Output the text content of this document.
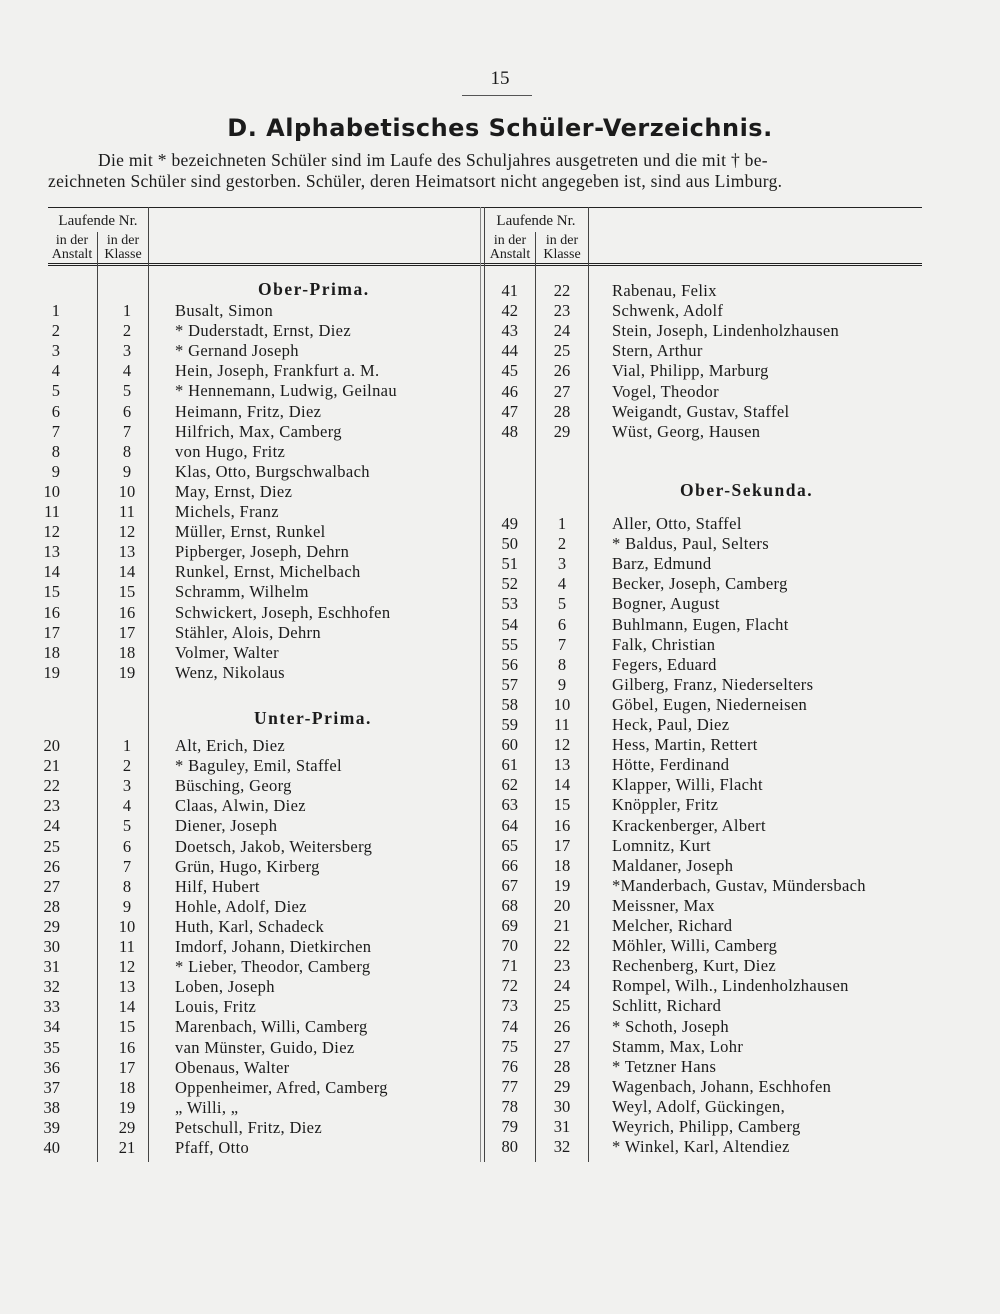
15
D. Alphabetisches Schüler-Verzeichnis.

Die mit * bezeichneten Schüler sind im Laufe des Schuljahres ausgetreten und die mit † be-

zeichneten Schüler sind gestorben. Schüler, deren Heimatsort nicht angegeben ist, sind aus Limburg.
Laufende Nr.
in der Anstalt
in der Klasse
Laufende Nr.
in der Anstalt
in der Klasse
Ober-Prima.
Unter-Prima.
Ober-Sekunda.
1	1	Busalt, Simon
2	2	* Duderstadt, Ernst, Diez
3	3	* Gernand Joseph
4	4	Hein, Joseph, Frankfurt a. M.
5	5	* Hennemann, Ludwig, Geilnau
6	6	Heimann, Fritz, Diez
7	7	Hilfrich, Max, Camberg
8	8	von Hugo, Fritz
9	9	Klas, Otto, Burgschwalbach
10	10	May, Ernst, Diez
11	11	Michels, Franz
12	12	Müller, Ernst, Runkel
13	13	Pipberger, Joseph, Dehrn
14	14	Runkel, Ernst, Michelbach
15	15	Schramm, Wilhelm
16	16	Schwickert, Joseph, Eschhofen
17	17	Stähler, Alois, Dehrn
18	18	Volmer, Walter
19	19	Wenz, Nikolaus
20	1	Alt, Erich, Diez
21	2	* Baguley, Emil, Staffel
22	3	Büsching, Georg
23	4	Claas, Alwin, Diez
24	5	Diener, Joseph
25	6	Doetsch, Jakob, Weitersberg
26	7	Grün, Hugo, Kirberg
27	8	Hilf, Hubert
28	9	Hohle, Adolf, Diez
29	10	Huth, Karl, Schadeck
30	11	Imdorf, Johann, Dietkirchen
31	12	* Lieber, Theodor, Camberg
32	13	Loben, Joseph
33	14	Louis, Fritz
34	15	Marenbach, Willi, Camberg
35	16	van Münster, Guido, Diez
36	17	Obenaus, Walter
37	18	Oppenheimer, Afred, Camberg
38	19	„ Willi, „
39	29	Petschull, Fritz, Diez
40	21	Pfaff, Otto
41	22	Rabenau, Felix
42	23	Schwenk, Adolf
43	24	Stein, Joseph, Lindenholzhausen
44	25	Stern, Arthur
45	26	Vial, Philipp, Marburg
46	27	Vogel, Theodor
47	28	Weigandt, Gustav, Staffel
48	29	Wüst, Georg, Hausen
49	1	Aller, Otto, Staffel
50	2	* Baldus, Paul, Selters
51	3	Barz, Edmund
52	4	Becker, Joseph, Camberg
53	5	Bogner, August
54	6	Buhlmann, Eugen, Flacht
55	7	Falk, Christian
56	8	Fegers, Eduard
57	9	Gilberg, Franz, Niederselters
58	10	Göbel, Eugen, Niederneisen
59	11	Heck, Paul, Diez
60	12	Hess, Martin, Rettert
61	13	Hötte, Ferdinand
62	14	Klapper, Willi, Flacht
63	15	Knöppler, Fritz
64	16	Krackenberger, Albert
65	17	Lomnitz, Kurt
66	18	Maldaner, Joseph
67	19	*Manderbach, Gustav, Mündersbach
68	20	Meissner, Max
69	21	Melcher, Richard
70	22	Möhler, Willi, Camberg
71	23	Rechenberg, Kurt, Diez
72	24	Rompel, Wilh., Lindenholzhausen
73	25	Schlitt, Richard
74	26	* Schoth, Joseph
75	27	Stamm, Max, Lohr
76	28	* Tetzner Hans
77	29	Wagenbach, Johann, Eschhofen
78	30	Weyl, Adolf, Gückingen,
79	31	Weyrich, Philipp, Camberg
80	32	* Winkel, Karl, Altendiez
